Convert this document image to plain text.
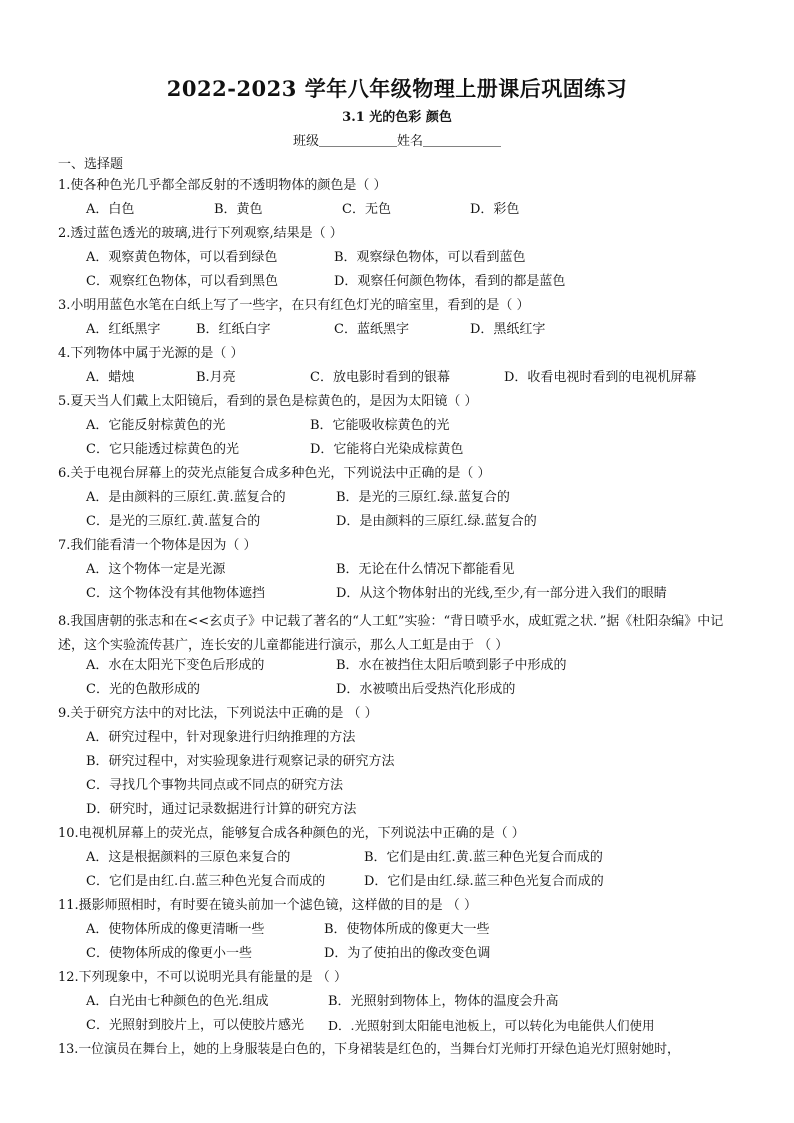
2022-2023 学年八年级物理上册课后巩固练习
3.1 光的色彩 颜色
班级＿＿＿＿＿＿姓名＿＿＿＿＿＿
一、选择题
1.使各种色光几乎都全部反射的不透明物体的颜色是（ ）
A．白色	B．黄色	C．无色	D．彩色
2.透过蓝色透光的玻璃,进行下列观察,结果是（ ）
A．观察黄色物体，可以看到绿色	B．观察绿色物体，可以看到蓝色
C．观察红色物体，可以看到黑色	D．观察任何颜色物体，看到的都是蓝色
3.小明用蓝色水笔在白纸上写了一些字，在只有红色灯光的暗室里，看到的是（ ）
A．红纸黑字	B．红纸白字	C．蓝纸黑字	D．黑纸红字
4.下列物体中属于光源的是（ ）
A．蜡烛	B.月亮	C．放电影时看到的银幕	D．收看电视时看到的电视机屏幕
5.夏天当人们戴上太阳镜后，看到的景色是棕黄色的，是因为太阳镜（ ）
A．它能反射棕黄色的光	B．它能吸收棕黄色的光
C．它只能透过棕黄色的光	D．它能将白光染成棕黄色
6.关于电视台屏幕上的荧光点能复合成多种色光，下列说法中正确的是（ ）
A．是由颜料的三原红.黄.蓝复合的	B．是光的三原红.绿.蓝复合的
C．是光的三原红.黄.蓝复合的	D．是由颜料的三原红.绿.蓝复合的
7.我们能看清一个物体是因为（ ）
A．这个物体一定是光源	B．无论在什么情况下都能看见
C．这个物体没有其他物体遮挡	D．从这个物体射出的光线,至少,有一部分进入我们的眼睛
8.我国唐朝的张志和在<<玄贞子》中记载了著名的“人工虹”实验：“背日喷乎水，成虹霓之状．”据《杜阳杂编》中记述，这个实验流传甚广，连长安的儿童都能进行演示，那么人工虹是由于 （ ）
A．水在太阳光下变色后形成的	B．水在被挡住太阳后喷到影子中形成的
C．光的色散形成的	D．水被喷出后受热汽化形成的
9.关于研究方法中的对比法，下列说法中正确的是 （ ）
A．研究过程中，针对现象进行归纳推理的方法
B．研究过程中，对实验现象进行观察记录的研究方法
C．寻找几个事物共同点或不同点的研究方法
D．研究时，通过记录数据进行计算的研究方法
10.电视机屏幕上的荧光点，能够复合成各种颜色的光，下列说法中正确的是（ ）
A．这是根据颜料的三原色来复合的	B．它们是由红.黄.蓝三种色光复合而成的
C．它们是由红.白.蓝三种色光复合而成的	D．它们是由红.绿.蓝三种色光复合而成的
11.摄影师照相时，有时要在镜头前加一个滤色镜，这样做的目的是 （ ）
A．使物体所成的像更清晰一些	B．使物体所成的像更大一些
C．使物体所成的像更小一些	D．为了使拍出的像改变色调
12.下列现象中，不可以说明光具有能量的是 （ ）
A．白光由七种颜色的色光.组成	B．光照射到物体上，物体的温度会升高
C．光照射到胶片上，可以使胶片感光 D．.光照射到太阳能电池板上，可以转化为电能供人们使用
13.一位演员在舞台上，她的上身服装是白色的，下身裙装是红色的，当舞台灯光师打开绿色追光灯照射她时，
